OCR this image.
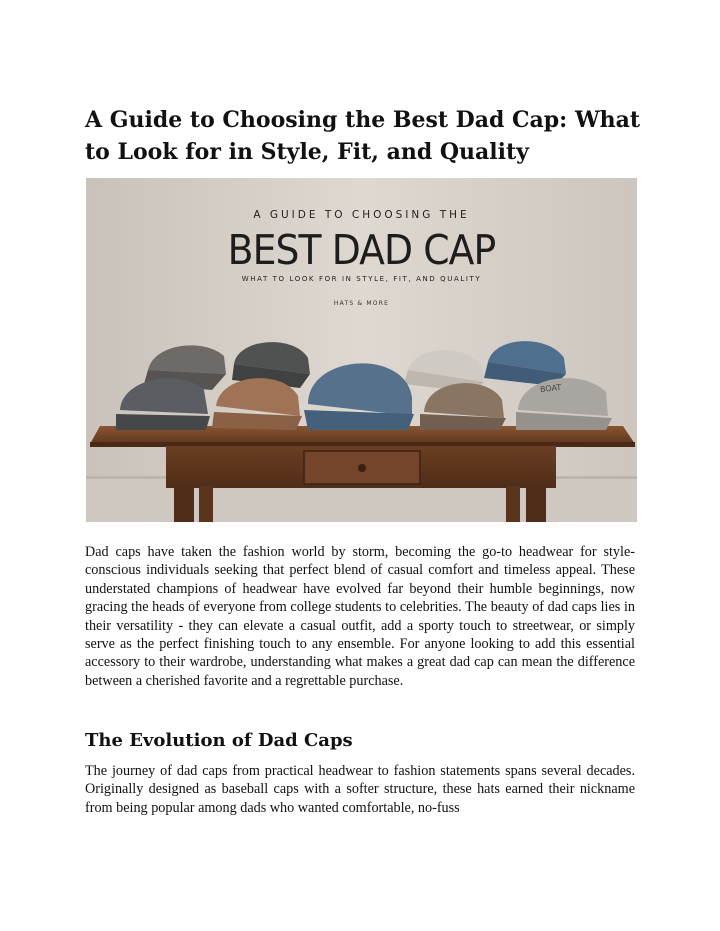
A Guide to Choosing the Best Dad Cap: What to Look for in Style, Fit, and Quality

A GUIDE TO CHOOSING THE

BEST DAD CAP

WHAT TO LOOK FOR IN STYLE, FIT, AND QUALITY

HATS & MORE

BOAT

Dad caps have taken the fashion world by storm, becoming the go-to headwear for style-conscious individuals seeking that perfect blend of casual comfort and timeless appeal. These understated champions of headwear have evolved far beyond their humble beginnings, now gracing the heads of everyone from college students to celebrities. The beauty of dad caps lies in their versatility - they can elevate a casual outfit, add a sporty touch to streetwear, or simply serve as the perfect finishing touch to any ensemble. For anyone looking to add this essential accessory to their wardrobe, understanding what makes a great dad cap can mean the difference between a cherished favorite and a regrettable purchase.

The Evolution of Dad Caps

The journey of dad caps from practical headwear to fashion statements spans several decades. Originally designed as baseball caps with a softer structure, these hats earned their nickname from being popular among dads who wanted comfortable, no-fuss
